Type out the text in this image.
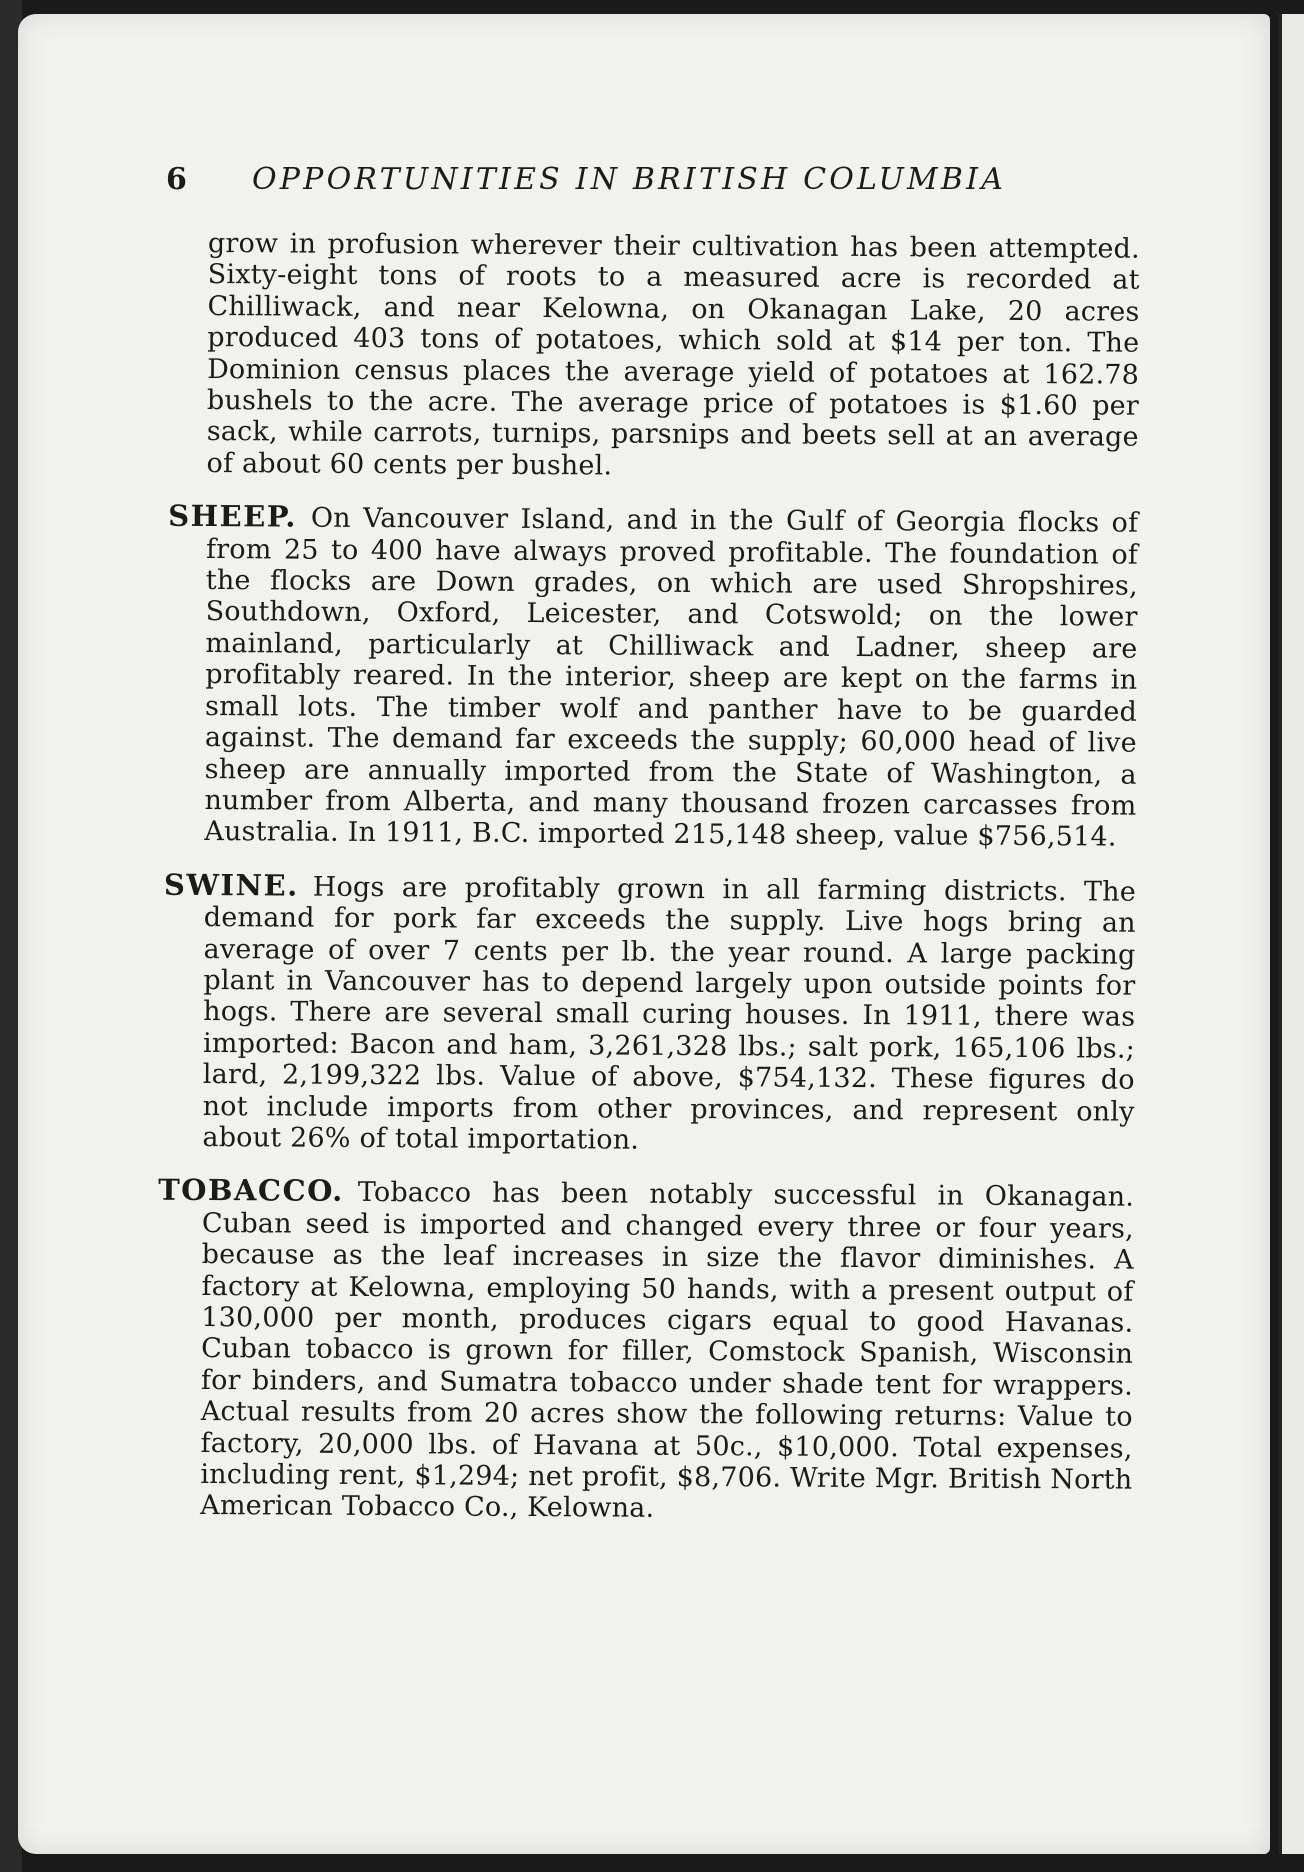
6 OPPORTUNITIES IN BRITISH COLUMBIA

grow in profusion wherever their cultivation has been attempted. Sixty-eight tons of roots to a measured acre is recorded at Chilliwack, and near Kelowna, on Okanagan Lake, 20 acres produced 403 tons of potatoes, which sold at $14 per ton. The Dominion census places the average yield of potatoes at 162.78 bushels to the acre. The average price of potatoes is $1.60 per sack, while carrots, turnips, parsnips and beets sell at an average of about 60 cents per bushel.

SHEEP. On Vancouver Island, and in the Gulf of Georgia flocks of from 25 to 400 have always proved profitable. The foundation of the flocks are Down grades, on which are used Shropshires, Southdown, Oxford, Leicester, and Cotswold; on the lower mainland, particularly at Chilliwack and Ladner, sheep are profitably reared. In the interior, sheep are kept on the farms in small lots. The timber wolf and panther have to be guarded against. The demand far exceeds the supply; 60,000 head of live sheep are annually imported from the State of Washington, a number from Alberta, and many thousand frozen carcasses from Australia. In 1911, B.C. imported 215,148 sheep, value $756,514.

SWINE. Hogs are profitably grown in all farming districts. The demand for pork far exceeds the supply. Live hogs bring an average of over 7 cents per lb. the year round. A large packing plant in Vancouver has to depend largely upon outside points for hogs. There are several small curing houses. In 1911, there was imported: Bacon and ham, 3,261,328 lbs.; salt pork, 165,106 lbs.; lard, 2,199,322 lbs. Value of above, $754,132. These figures do not include imports from other provinces, and represent only about 26% of total importation.

TOBACCO. Tobacco has been notably successful in Okanagan. Cuban seed is imported and changed every three or four years, because as the leaf increases in size the flavor diminishes. A factory at Kelowna, employing 50 hands, with a present output of 130,000 per month, produces cigars equal to good Havanas. Cuban tobacco is grown for filler, Comstock Spanish, Wisconsin for binders, and Sumatra tobacco under shade tent for wrappers. Actual results from 20 acres show the following returns: Value to factory, 20,000 lbs. of Havana at 50c., $10,000. Total expenses, including rent, $1,294; net profit, $8,706. Write Mgr. British North American Tobacco Co., Kelowna.
